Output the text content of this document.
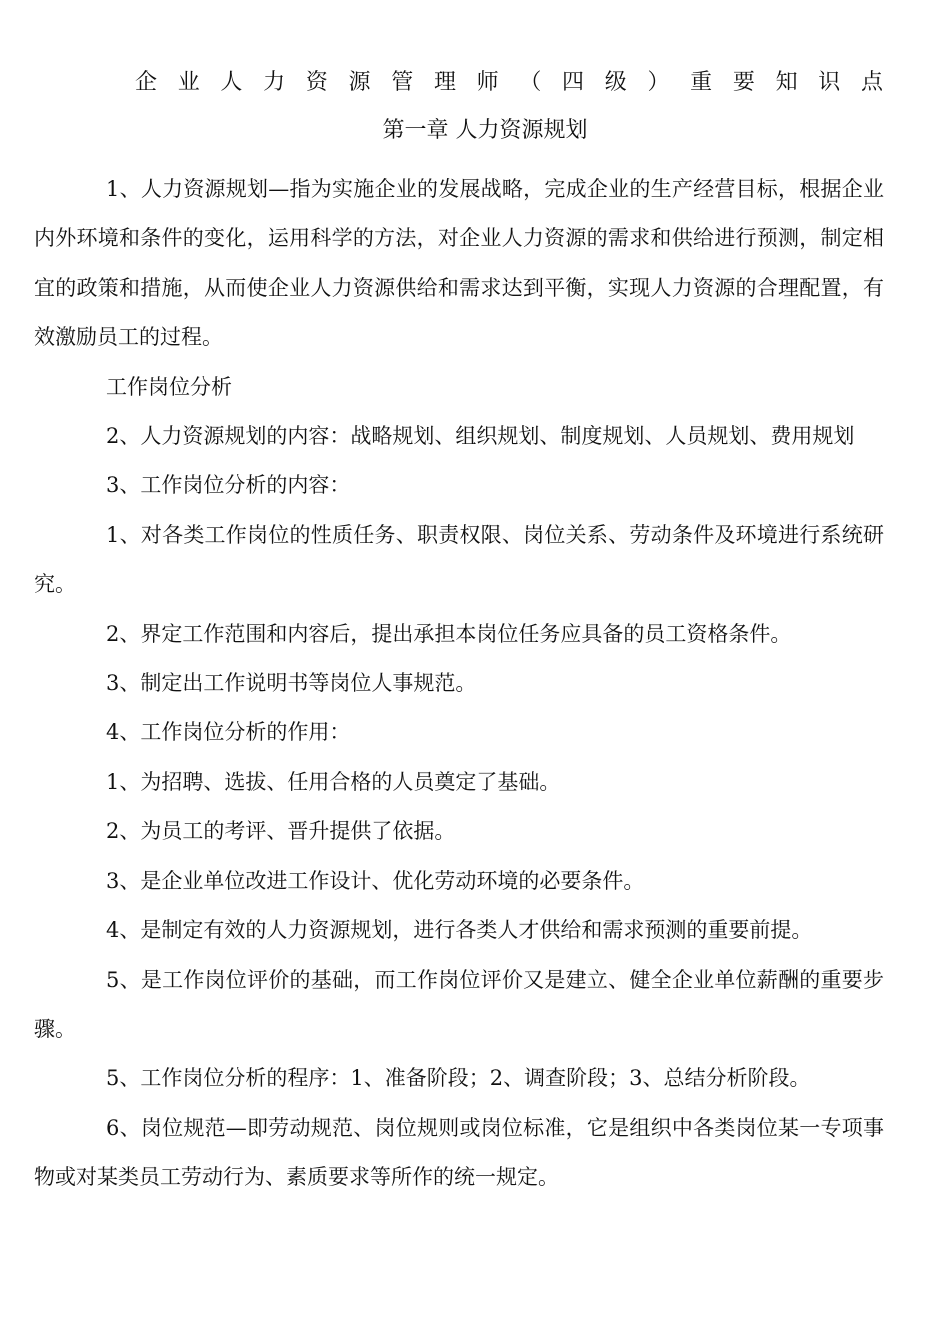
企 业 人 力 资 源 管 理 师 （ 四 级 ） 重 要 知 识 点
第一章 人力资源规划

1、人力资源规划—指为实施企业的发展战略，完成企业的生产经营目标，根据企业内外环境和条件的变化，运用科学的方法，对企业人力资源的需求和供给进行预测，制定相宜的政策和措施，从而使企业人力资源供给和需求达到平衡，实现人力资源的合理配置，有效激励员工的过程。

工作岗位分析

2、人力资源规划的内容：战略规划、组织规划、制度规划、人员规划、费用规划

3、工作岗位分析的内容：

1、对各类工作岗位的性质任务、职责权限、岗位关系、劳动条件及环境进行系统研究。

2、界定工作范围和内容后，提出承担本岗位任务应具备的员工资格条件。

3、制定出工作说明书等岗位人事规范。

4、工作岗位分析的作用：

1、为招聘、选拔、任用合格的人员奠定了基础。

2、为员工的考评、晋升提供了依据。

3、是企业单位改进工作设计、优化劳动环境的必要条件。

4、是制定有效的人力资源规划，进行各类人才供给和需求预测的重要前提。

5、是工作岗位评价的基础，而工作岗位评价又是建立、健全企业单位薪酬的重要步骤。

5、工作岗位分析的程序：1、准备阶段；2、调查阶段；3、总结分析阶段。

6、岗位规范—即劳动规范、岗位规则或岗位标准，它是组织中各类岗位某一专项事物或对某类员工劳动行为、素质要求等所作的统一规定。
